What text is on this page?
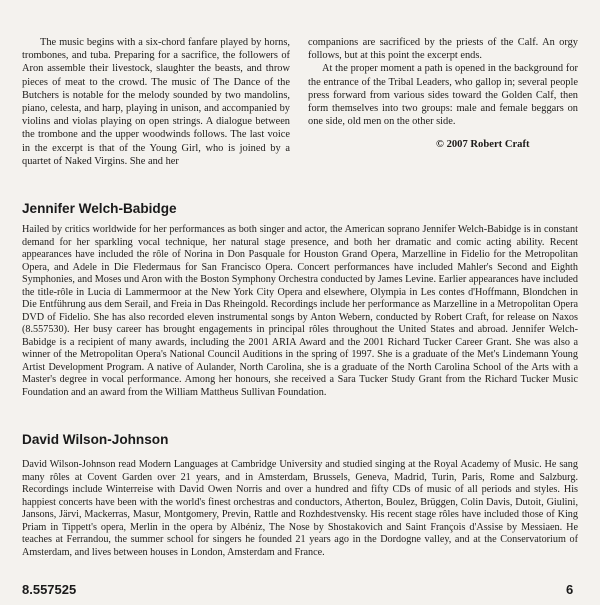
The music begins with a six-chord fanfare played by horns, trombones, and tuba. Preparing for a sacrifice, the followers of Aron assemble their livestock, slaughter the beasts, and throw pieces of meat to the crowd. The music of The Dance of the Butchers is notable for the melody sounded by two mandolins, piano, celesta, and harp, playing in unison, and accompanied by violins and violas playing on open strings. A dialogue between the trombone and the upper woodwinds follows. The last voice in the excerpt is that of the Young Girl, who is joined by a quartet of Naked Virgins. She and her

companions are sacrificed by the priests of the Calf. An orgy follows, but at this point the excerpt ends.

At the proper moment a path is opened in the background for the entrance of the Tribal Leaders, who gallop in; several people press forward from various sides toward the Golden Calf, then form themselves into two groups: male and female beggars on one side, old men on the other side.

© 2007 Robert Craft
Jennifer Welch-Babidge

Hailed by critics worldwide for her performances as both singer and actor, the American soprano Jennifer Welch-Babidge is in constant demand for her sparkling vocal technique, her natural stage presence, and both her dramatic and comic acting ability. Recent appearances have included the rôle of Norina in Don Pasquale for Houston Grand Opera, Marzelline in Fidelio for the Metropolitan Opera, and Adele in Die Fledermaus for San Francisco Opera. Concert performances have included Mahler's Second and Eighth Symphonies, and Moses und Aron with the Boston Symphony Orchestra conducted by James Levine. Earlier appearances have included the title-rôle in Lucia di Lammermoor at the New York City Opera and elsewhere, Olympia in Les contes d'Hoffmann, Blondchen in Die Entführung aus dem Serail, and Freia in Das Rheingold. Recordings include her performance as Marzelline in a Metropolitan Opera DVD of Fidelio. She has also recorded eleven instrumental songs by Anton Webern, conducted by Robert Craft, for release on Naxos (8.557530). Her busy career has brought engagements in principal rôles throughout the United States and abroad. Jennifer Welch-Babidge is a recipient of many awards, including the 2001 ARIA Award and the 2001 Richard Tucker Career Grant. She was also a winner of the Metropolitan Opera's National Council Auditions in the spring of 1997. She is a graduate of the Met's Lindemann Young Artist Development Program. A native of Aulander, North Carolina, she is a graduate of the North Carolina School of the Arts with a Master's degree in vocal performance. Among her honours, she received a Sara Tucker Study Grant from the Richard Tucker Music Foundation and an award from the William Mattheus Sullivan Foundation.

David Wilson-Johnson

David Wilson-Johnson read Modern Languages at Cambridge University and studied singing at the Royal Academy of Music. He sang many rôles at Covent Garden over 21 years, and in Amsterdam, Brussels, Geneva, Madrid, Turin, Paris, Rome and Salzburg. Recordings include Winterreise with David Owen Norris and over a hundred and fifty CDs of music of all periods and styles. His happiest concerts have been with the world's finest orchestras and conductors, Atherton, Boulez, Brüggen, Colin Davis, Dutoit, Giulini, Jansons, Järvi, Mackerras, Masur, Montgomery, Previn, Rattle and Rozhdestvensky. His recent stage rôles have included those of King Priam in Tippett's opera, Merlin in the opera by Albéniz, The Nose by Shostakovich and Saint François d'Assise by Messiaen. He teaches at Ferrandou, the summer school for singers he founded 21 years ago in the Dordogne valley, and at the Conservatorium of Amsterdam, and lives between houses in London, Amsterdam and France.

8.557525	6
